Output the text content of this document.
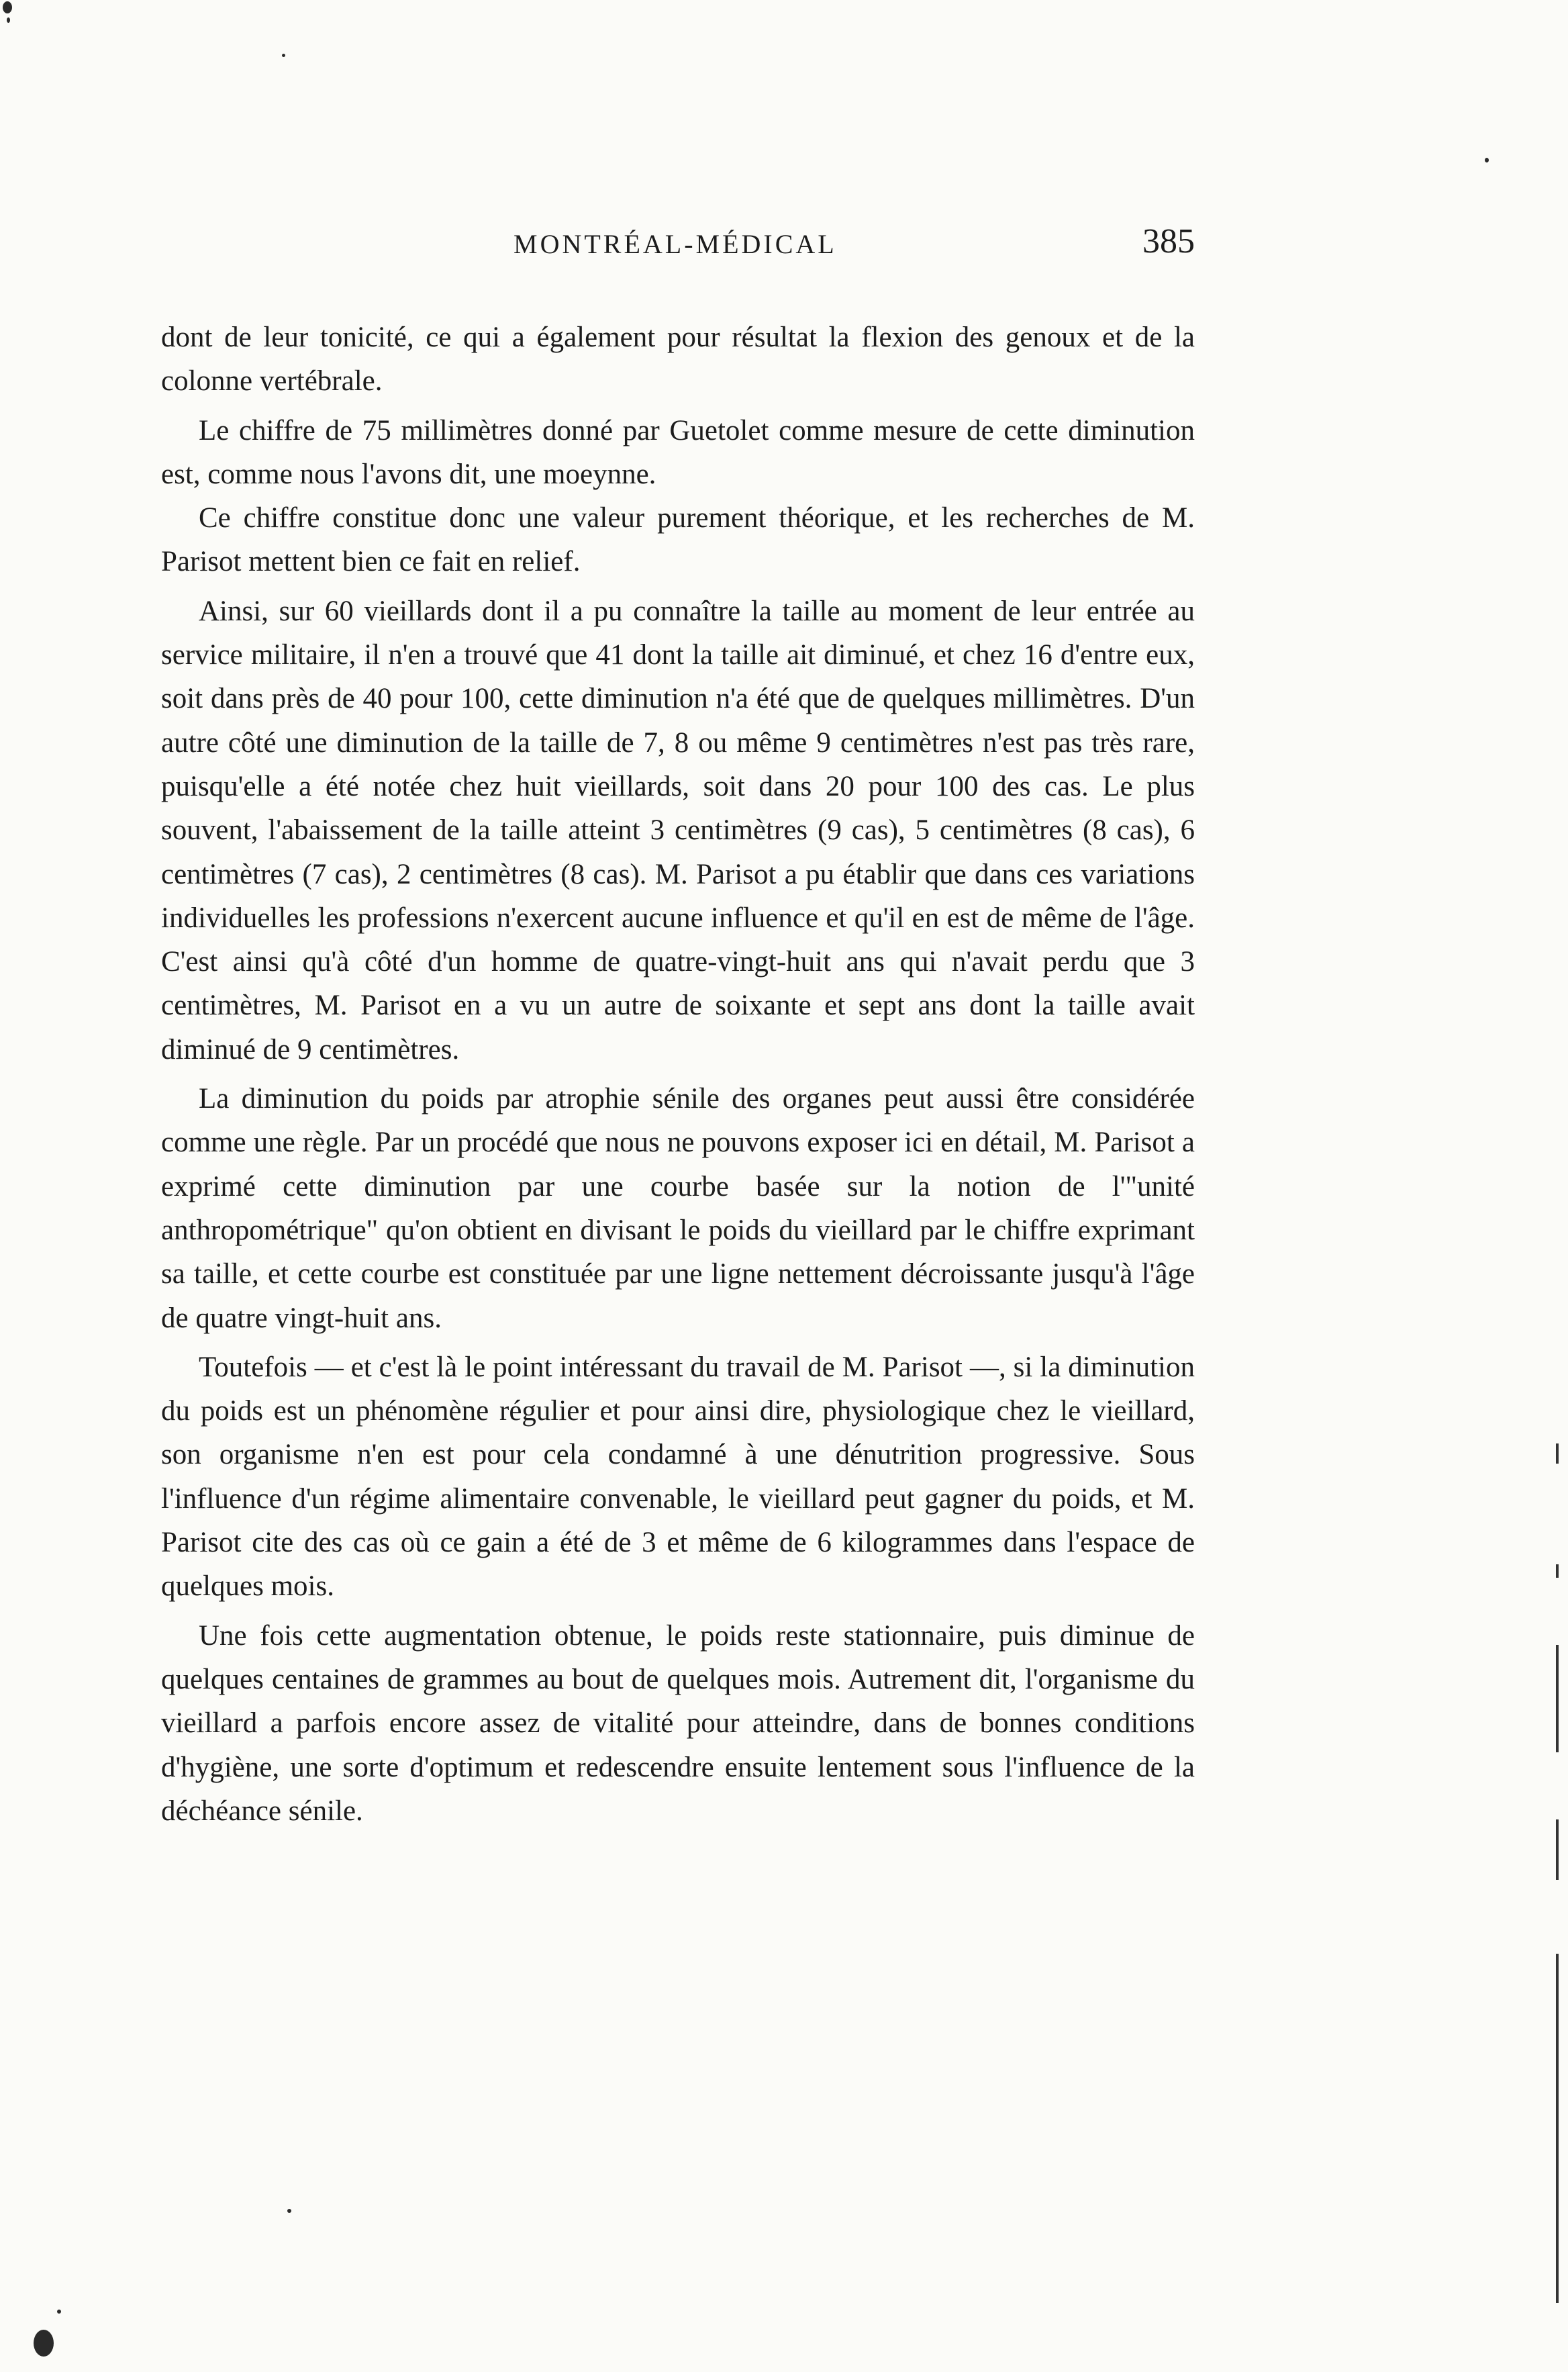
MONTRÉAL-MÉDICAL	385

dont de leur tonicité, ce qui a également pour résultat la flexion des genoux et de la colonne vertébrale.

Le chiffre de 75 millimètres donné par Guetolet comme mesure de cette diminution est, comme nous l'avons dit, une moeynne.

Ce chiffre constitue donc une valeur purement théorique, et les recherches de M. Parisot mettent bien ce fait en relief.

Ainsi, sur 60 vieillards dont il a pu connaître la taille au moment de leur entrée au service militaire, il n'en a trouvé que 41 dont la taille ait diminué, et chez 16 d'entre eux, soit dans près de 40 pour 100, cette diminution n'a été que de quelques millimètres. D'un autre côté une diminution de la taille de 7, 8 ou même 9 centimètres n'est pas très rare, puisqu'elle a été notée chez huit vieillards, soit dans 20 pour 100 des cas. Le plus souvent, l'abaissement de la taille atteint 3 centimètres (9 cas), 5 centimètres (8 cas), 6 centimètres (7 cas), 2 centimètres (8 cas). M. Parisot a pu établir que dans ces variations individuelles les professions n'exercent aucune influence et qu'il en est de même de l'âge. C'est ainsi qu'à côté d'un homme de quatre-vingt-huit ans qui n'avait perdu que 3 centimètres, M. Parisot en a vu un autre de soixante et sept ans dont la taille avait diminué de 9 centimètres.

La diminution du poids par atrophie sénile des organes peut aussi être considérée comme une règle. Par un procédé que nous ne pouvons exposer ici en détail, M. Parisot a exprimé cette diminution par une courbe basée sur la notion de l'"unité anthropométrique" qu'on obtient en divisant le poids du vieillard par le chiffre exprimant sa taille, et cette courbe est constituée par une ligne nettement décroissante jusqu'à l'âge de quatre vingt-huit ans.

Toutefois — et c'est là le point intéressant du travail de M. Parisot —, si la diminution du poids est un phénomène régulier et pour ainsi dire, physiologique chez le vieillard, son organisme n'en est pour cela condamné à une dénutrition progressive. Sous l'influence d'un régime alimentaire convenable, le vieillard peut gagner du poids, et M. Parisot cite des cas où ce gain a été de 3 et même de 6 kilogrammes dans l'espace de quelques mois.

Une fois cette augmentation obtenue, le poids reste stationnaire, puis diminue de quelques centaines de grammes au bout de quelques mois. Autrement dit, l'organisme du vieillard a parfois encore assez de vitalité pour atteindre, dans de bonnes conditions d'hygiène, une sorte d'optimum et redescendre ensuite lentement sous l'influence de la déchéance sénile.
